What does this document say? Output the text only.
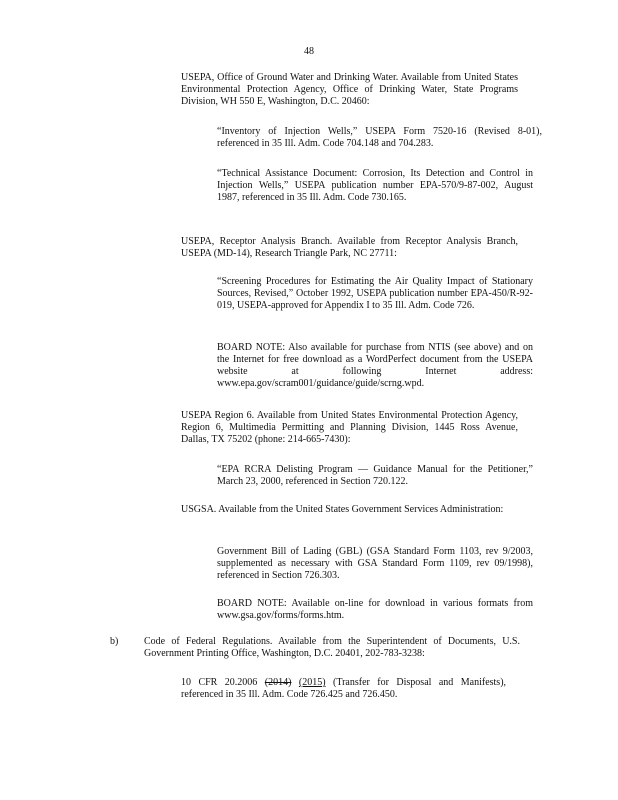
48

USEPA, Office of Ground Water and Drinking Water. Available from United States Environmental Protection Agency, Office of Drinking Water, State Programs Division, WH 550 E, Washington, D.C. 20460:

“Inventory of Injection Wells,” USEPA Form 7520-16 (Revised 8-01), referenced in 35 Ill. Adm. Code 704.148 and 704.283.

“Technical Assistance Document: Corrosion, Its Detection and Control in Injection Wells,” USEPA publication number EPA-570/9-87-002, August 1987, referenced in 35 Ill. Adm. Code 730.165.

USEPA, Receptor Analysis Branch. Available from Receptor Analysis Branch, USEPA (MD-14), Research Triangle Park, NC 27711:

“Screening Procedures for Estimating the Air Quality Impact of Stationary Sources, Revised,” October 1992, USEPA publication number EPA-450/R-92-019, USEPA-approved for Appendix I to 35 Ill. Adm. Code 726.

BOARD NOTE: Also available for purchase from NTIS (see above) and on the Internet for free download as a WordPerfect document from the USEPA website at following Internet address: www.epa.gov/scram001/guidance/guide/scrng.wpd.

USEPA Region 6. Available from United States Environmental Protection Agency, Region 6, Multimedia Permitting and Planning Division, 1445 Ross Avenue, Dallas, TX 75202 (phone: 214-665-7430):

“EPA RCRA Delisting Program — Guidance Manual for the Petitioner,” March 23, 2000, referenced in Section 720.122.

USGSA. Available from the United States Government Services Administration:

Government Bill of Lading (GBL) (GSA Standard Form 1103, rev 9/2003, supplemented as necessary with GSA Standard Form 1109, rev 09/1998), referenced in Section 726.303.

BOARD NOTE: Available on-line for download in various formats from www.gsa.gov/forms/forms.htm.

b)	Code of Federal Regulations. Available from the Superintendent of Documents, U.S. Government Printing Office, Washington, D.C. 20401, 202-783-3238:

10 CFR 20.2006 (2014) (2015) (Transfer for Disposal and Manifests), referenced in 35 Ill. Adm. Code 726.425 and 726.450.
